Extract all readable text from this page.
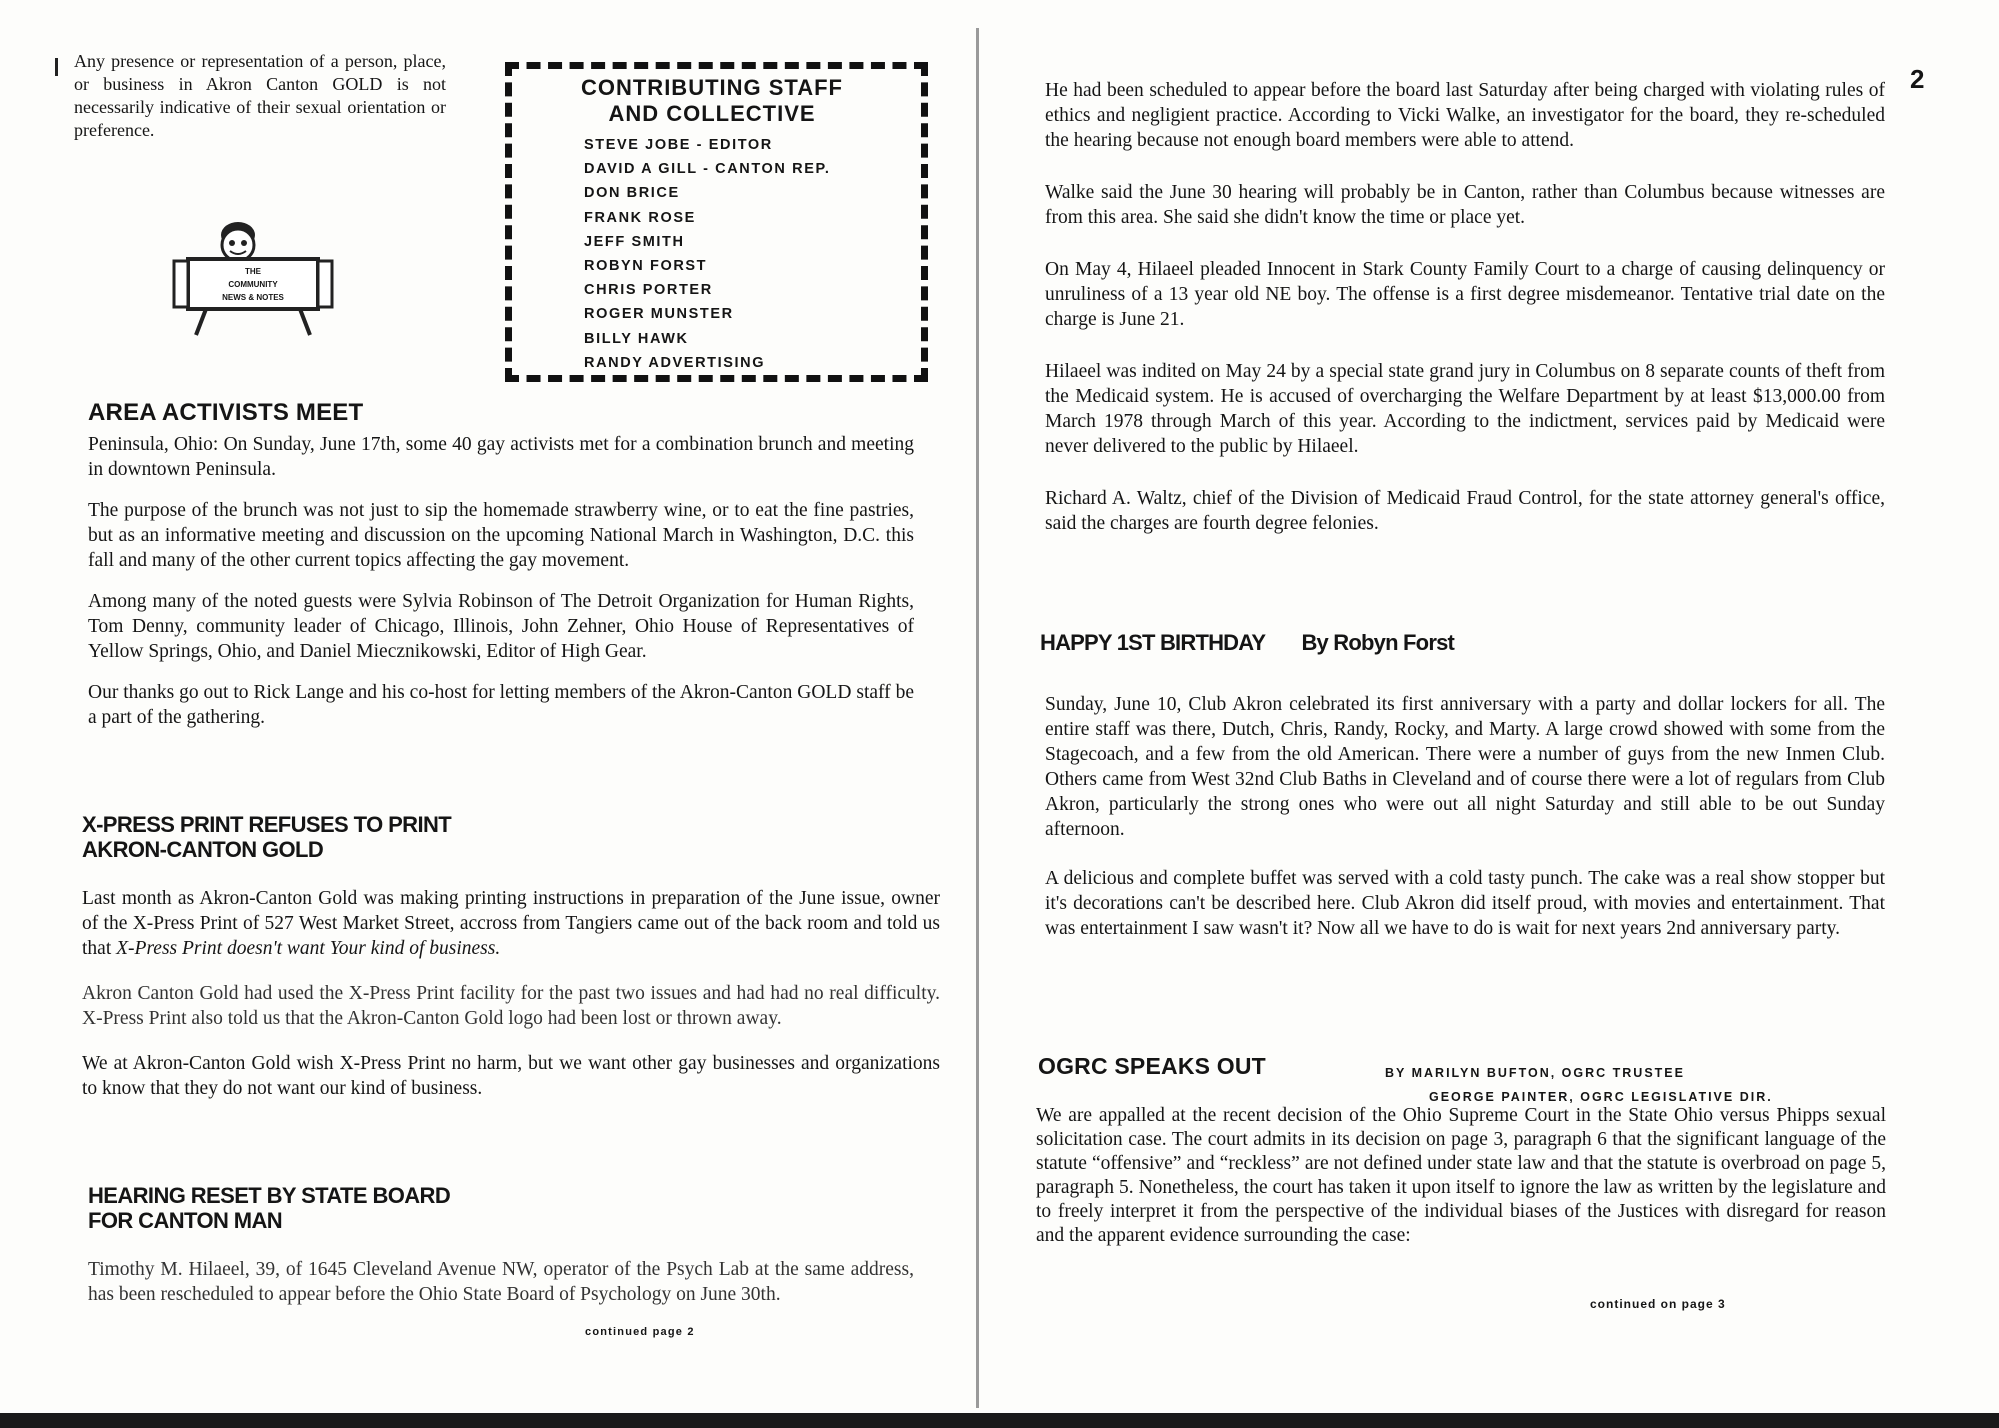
Any presence or representation of a person, place, or business in Akron Canton GOLD is not necessarily indicative of their sexual orientation or preference.
THE
COMMUNITY
NEWS & NOTES
CONTRIBUTING STAFF
AND COLLECTIVE
STEVE JOBE - EDITOR
DAVID A GILL - CANTON REP.
DON BRICE
FRANK ROSE
JEFF SMITH
ROBYN FORST
CHRIS PORTER
ROGER MUNSTER
BILLY HAWK
RANDY ADVERTISING
AREA ACTIVISTS MEET

Peninsula, Ohio: On Sunday, June 17th, some 40 gay activists met for a combination brunch and meeting in downtown Peninsula.

The purpose of the brunch was not just to sip the homemade strawberry wine, or to eat the fine pastries, but as an informative meeting and discussion on the upcoming National March in Washington, D.C. this fall and many of the other current topics affecting the gay movement.

Among many of the noted guests were Sylvia Robinson of The Detroit Organization for Human Rights, Tom Denny, community leader of Chicago, Illinois, John Zehner, Ohio House of Representatives of Yellow Springs, Ohio, and Daniel Miecznikowski, Editor of High Gear.

Our thanks go out to Rick Lange and his co-host for letting members of the Akron-Canton GOLD staff be a part of the gathering.

X-PRESS PRINT REFUSES TO PRINT
AKRON-CANTON GOLD

Last month as Akron-Canton Gold was making printing instructions in preparation of the June issue, owner of the X-Press Print of 527 West Market Street, accross from Tangiers came out of the back room and told us that X-Press Print doesn't want Your kind of business.

Akron Canton Gold had used the X-Press Print facility for the past two issues and had had no real difficulty. X-Press Print also told us that the Akron-Canton Gold logo had been lost or thrown away.

We at Akron-Canton Gold wish X-Press Print no harm, but we want other gay businesses and organizations to know that they do not want our kind of business.

HEARING RESET BY STATE BOARD
FOR CANTON MAN

Timothy M. Hilaeel, 39, of 1645 Cleveland Avenue NW, operator of the Psych Lab at the same address, has been rescheduled to appear before the Ohio State Board of Psychology on June 30th.

continued page 2
2

He had been scheduled to appear before the board last Saturday after being charged with violating rules of ethics and negligient practice. According to Vicki Walke, an investigator for the board, they re-scheduled the hearing because not enough board members were able to attend.

Walke said the June 30 hearing will probably be in Canton, rather than Columbus because witnesses are from this area. She said she didn't know the time or place yet.

On May 4, Hilaeel pleaded Innocent in Stark County Family Court to a charge of causing delinquency or unruliness of a 13 year old NE boy. The offense is a first degree misdemeanor. Tentative trial date on the charge is June 21.

Hilaeel was indited on May 24 by a special state grand jury in Columbus on 8 separate counts of theft from the Medicaid system. He is accused of overcharging the Welfare Department by at least $13,000.00 from March 1978 through March of this year. According to the indictment, services paid by Medicaid were never delivered to the public by Hilaeel.

Richard A. Waltz, chief of the Division of Medicaid Fraud Control, for the state attorney general's office, said the charges are fourth degree felonies.

HAPPY 1ST BIRTHDAY By Robyn Forst

Sunday, June 10, Club Akron celebrated its first anniversary with a party and dollar lockers for all. The entire staff was there, Dutch, Chris, Randy, Rocky, and Marty. A large crowd showed with some from the Stagecoach, and a few from the old American. There were a number of guys from the new Inmen Club. Others came from West 32nd Club Baths in Cleveland and of course there were a lot of regulars from Club Akron, particularly the strong ones who were out all night Saturday and still able to be out Sunday afternoon.

A delicious and complete buffet was served with a cold tasty punch. The cake was a real show stopper but it's decorations can't be described here. Club Akron did itself proud, with movies and entertainment. That was entertainment I saw wasn't it? Now all we have to do is wait for next years 2nd anniversary party.

OGRC SPEAKS OUT	BY MARILYN BUFTON, OGRC TRUSTEE
GEORGE PAINTER, OGRC LEGISLATIVE DIR.

We are appalled at the recent decision of the Ohio Supreme Court in the State Ohio versus Phipps sexual solicitation case. The court admits in its decision on page 3, paragraph 6 that the significant language of the statute “offensive” and “reckless” are not defined under state law and that the statute is overbroad on page 5, paragraph 5. Nonetheless, the court has taken it upon itself to ignore the law as written by the legislature and to freely interpret it from the perspective of the individual biases of the Justices with disregard for reason and the apparent evidence surrounding the case:

continued on page 3
